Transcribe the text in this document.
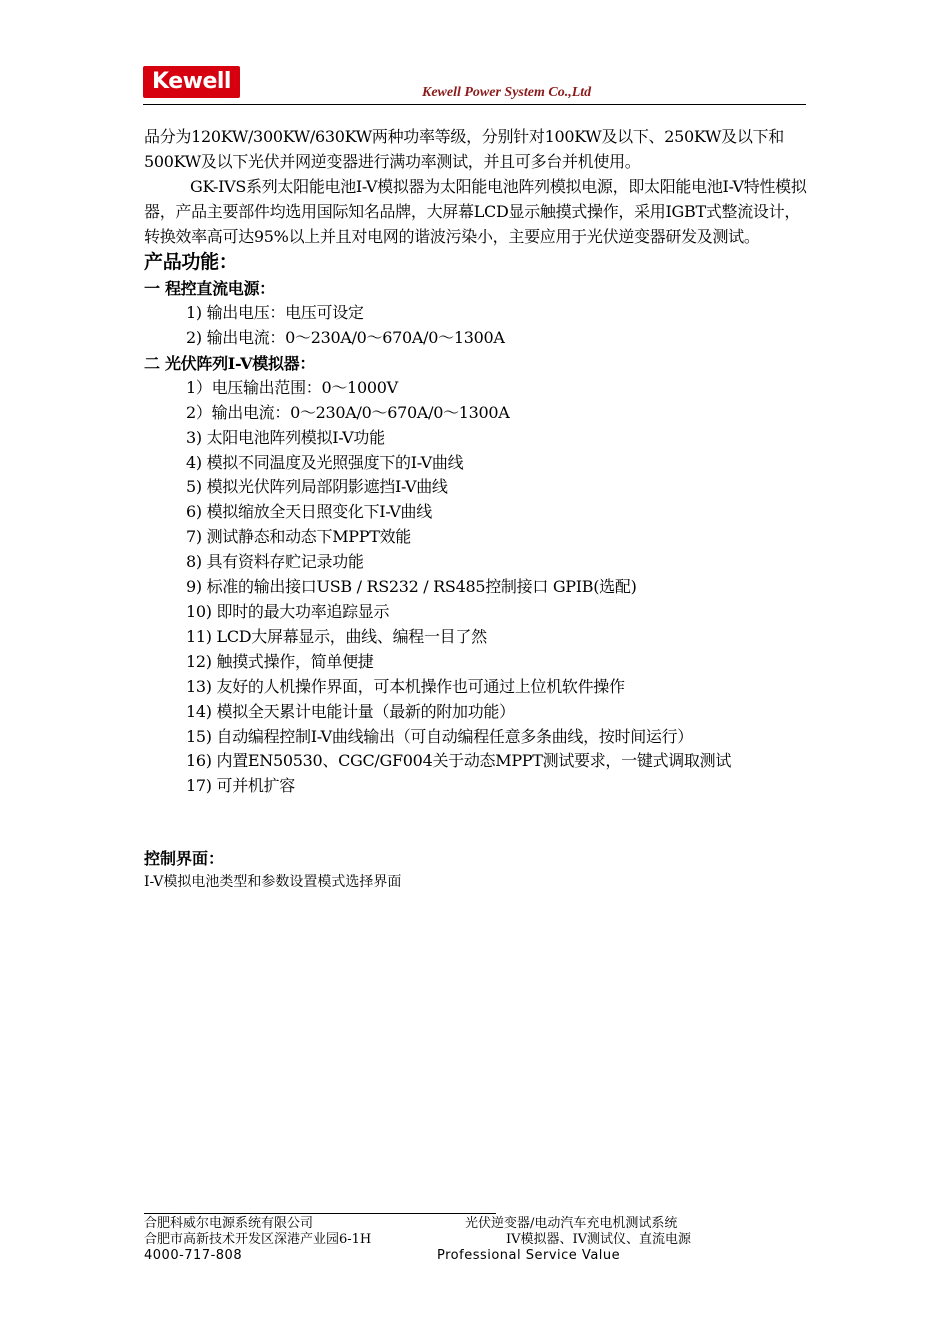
Kewell	Kewell Power System Co.,Ltd

品分为120KW/300KW/630KW两种功率等级，分别针对100KW及以下、250KW及以下和500KW及以下光伏并网逆变器进行满功率测试，并且可多台并机使用。

GK-IVS系列太阳能电池I-V模拟器为太阳能电池阵列模拟电源，即太阳能电池I-V特性模拟器，产品主要部件均选用国际知名品牌，大屏幕LCD显示触摸式操作，采用IGBT式整流设计，转换效率高可达95%以上并且对电网的谐波污染小，主要应用于光伏逆变器研发及测试。

产品功能：

一 程控直流电源：

1) 输出电压：电压可设定
2) 输出电流：0～230A/0～670A/0～1300A

二 光伏阵列I-V模拟器：

1）电压输出范围：0～1000V
2）输出电流：0～230A/0～670A/0～1300A
3) 太阳电池阵列模拟I-V功能
4) 模拟不同温度及光照强度下的I-V曲线
5) 模拟光伏阵列局部阴影遮挡I-V曲线
6) 模拟缩放全天日照变化下I-V曲线
7) 测试静态和动态下MPPT效能
8) 具有资料存贮记录功能
9) 标准的输出接口USB / RS232 / RS485控制接口 GPIB(选配)
10) 即时的最大功率追踪显示
11) LCD大屏幕显示，曲线、编程一目了然
12) 触摸式操作，简单便捷
13) 友好的人机操作界面，可本机操作也可通过上位机软件操作
14) 模拟全天累计电能计量（最新的附加功能）
15) 自动编程控制I-V曲线输出（可自动编程任意多条曲线，按时间运行）
16) 内置EN50530、CGC/GF004关于动态MPPT测试要求，一键式调取测试
17) 可并机扩容
控制界面：
I-V模拟电池类型和参数设置模式选择界面
合肥科威尔电源系统有限公司
合肥市高新技术开发区深港产业园6-1H
4000-717-808
光伏逆变器/电动汽车充电机测试系统
IV模拟器、IV测试仪、直流电源
Professional Service Value
